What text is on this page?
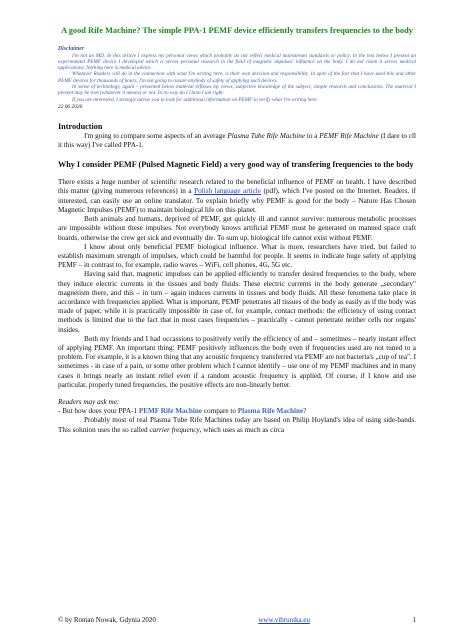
A good Rife Machine? The simple PPA-1 PEMF device efficiently transfers frequencies to the body
Disclaimer

I'm not an MD. In this article I express my personal views which probably do not reflect medical mainstream standards or policy. In the text below I present an experimental PEMF device I developed which is serves personal research in the field of magnetic impulses' influence on the body. I do not claim it serves medical applications. Nothing here is medical advice.

Whatever Readers will do in the connection with what I'm writing here, is their own decision and responsibility. In spite of the fact that I have used this and other PEMF devices for thousands of hours, I'm not going to assure anybody of safety of applying such devices.

In sense of technology, again – presented below material reflexes my views, subjective knowledge of the subject, simple research and conclusions. The material I present may be true (whatever it means) or not. In no way do I claim I am right.

If you are interested, I strongly advise you to look for additional information on PEMF to verify what I'm writing here.

22 06 2020
Introduction

I'm going to compare some aspects of an average Plasma Tube Rife Machine to a PEMF Rife Machine (I dare to cll it this way) I've called PPA-1.

Why I consider PEMF (Pulsed Magnetic Field) a very good way of transfering frequencies to the body

There exists a huge number of scientific research related to the beneficial influence of PEMF on health. I have described this matter (giving numerous references) in a Polish language article (pdf), which I've posted on the Internet. Readers, if interested, can easily use an online translator. To explain briefly why PEMF is good for the body – Nature Has Chosen Magnetic Impulses (PEMF) to maintain biological life on this planet.

Both animals and humans, deprived of PEMF, get quickly ill and cannot survive: numerous metabolic processes are impossible without these impulses. Not everybody knows artificial PEMF must be generated on manned space craft boards, otherwise the crew get sick and eventually die. To sum up, biological life cannot exist without PEMF.

I know about only beneficial PEMF biological influence. What is more, researchers have tried, but failed to establish maximum strength of impulses, which could be harmful for people. It seems to indicate huge safety of applying PEMF – in contrast to, for example, radio waves – WiFi, cell phones, 4G, 5G etc.

Having said that, magnetic impulses can be applied efficiently to transfer desired frequencies to the body, where they induce electric currents in the tissues and body fluids. These electric currents in the body generate „secondary" magnetism there, and this – in turn – again induces currents in tissues and body fluids. All these fenomena take place in accordance with frequencies applied. What is important, PEMF penetrates all tissues of the body as easily as if the body was made of paper, while it is practically impossible in case of, for example, contact methods: the efficiency of using contact methods is limited due to the fact that in most cases frequencies – practically - cannot penetrate neither cells nor organs' insides.

Both my friends and I had occassions to positively verify the efficiency of and – sometimes – nearly instant effect of applying PEMF. An important thing: PEMF positively influences the body even if frequencies used are not tuned to a problem. For example, it is a known thing that any acoustic frequency transferred via PEMF are not bacteria's „cup of tea". I sometimes - in case of a pain, or some other problem which I cannot identify – use one of my PEMF machines and in many cases it brings nearly an instant relief even if a random acoustic frequency is applied. Of course, if I know and use particular, properly tuned frequencies, the positive effects are non-linearly better.

Readers may ask me:

- But how does your PPA-1 PEMF Rife Machine compare to Plasma Rife Machine?

Probably most of real Plasma Tube Rife Machines today are based on Philip Hoyland's idea of using side-bands. This solution uses the so called carrier frequency, which uses as much as circa

© by Roman Nowak, Gdynia 2020	www.vibrunika.eu	1
